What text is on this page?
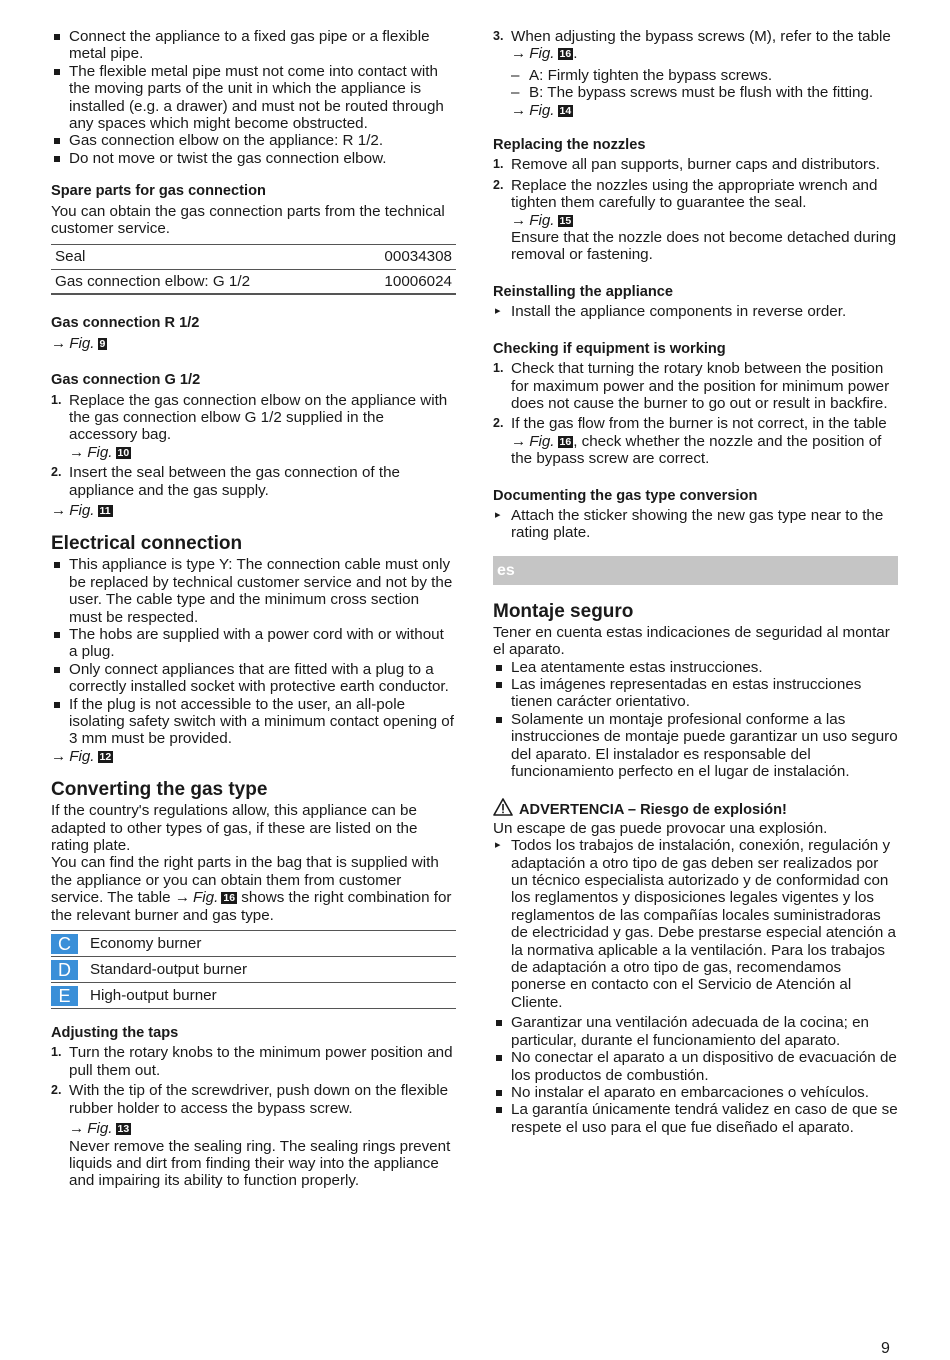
Connect the appliance to a fixed gas pipe or a flexible metal pipe.
The flexible metal pipe must not come into contact with the moving parts of the unit in which the appliance is installed (e.g. a drawer) and must not be routed through any spaces which might become obstructed.
Gas connection elbow on the appliance: R 1/2.
Do not move or twist the gas connection elbow.

Spare parts for gas connection

You can obtain the gas connection parts from the technical customer service.

Seal	00034308
Gas connection elbow: G 1/2	10006024

Gas connection R 1/2

→ Fig. 9

Gas connection G 1/2

1. Replace the gas connection elbow on the appliance with the gas connection elbow G 1/2 supplied in the accessory bag.

→ Fig. 10

2. Insert the seal between the gas connection of the appliance and the gas supply.

→ Fig. 11

Electrical connection

This appliance is type Y: The connection cable must only be replaced by technical customer service and not by the user. The cable type and the minimum cross section must be respected.
The hobs are supplied with a power cord with or without a plug.
Only connect appliances that are fitted with a plug to a correctly installed socket with protective earth conductor.
If the plug is not accessible to the user, an all-pole isolating safety switch with a minimum contact opening of 3 mm must be provided.

→ Fig. 12

Converting the gas type

If the country's regulations allow, this appliance can be adapted to other types of gas, if these are listed on the rating plate.

You can find the right parts in the bag that is supplied with the appliance or you can obtain them from customer service. The table → Fig. 16 shows the right combination for the relevant burner and gas type.

C Economy burner
D Standard-output burner
E High-output burner

Adjusting the taps

1. Turn the rotary knobs to the minimum power position and pull them out.
2. With the tip of the screwdriver, push down on the flexible rubber holder to access the bypass screw.

→ Fig. 13

Never remove the sealing ring. The sealing rings prevent liquids and dirt from finding their way into the appliance and impairing its ability to function properly.

3. When adjusting the bypass screws (M), refer to the table → Fig. 16 .
– A: Firmly tighten the bypass screws.
– B: The bypass screws must be flush with the fitting.

→ Fig. 14

Replacing the nozzles

1. Remove all pan supports, burner caps and distributors.
2. Replace the nozzles using the appropriate wrench and tighten them carefully to guarantee the seal.

→ Fig. 15

Ensure that the nozzle does not become detached during removal or fastening.

Reinstalling the appliance

▸ Install the appliance components in reverse order.

Checking if equipment is working

1. Check that turning the rotary knob between the position for maximum power and the position for minimum power does not cause the burner to go out or result in backfire.
2. If the gas flow from the burner is not correct, in the table → Fig. 16 , check whether the nozzle and the position of the bypass screw are correct.

Documenting the gas type conversion

▸ Attach the sticker showing the new gas type near to the rating plate.
es

Montaje seguro

Tener en cuenta estas indicaciones de seguridad al montar el aparato.

Lea atentamente estas instrucciones.
Las imágenes representadas en estas instrucciones tienen carácter orientativo.
Solamente un montaje profesional conforme a las instrucciones de montaje puede garantizar un uso seguro del aparato. El instalador es responsable del funcionamiento perfecto en el lugar de instalación.

ADVERTENCIA – Riesgo de explosión!

Un escape de gas puede provocar una explosión.

▸ Todos los trabajos de instalación, conexión, regulación y adaptación a otro tipo de gas deben ser realizados por un técnico especialista autorizado y de conformidad con los reglamentos y disposiciones legales vigentes y los reglamentos de las compañías locales suministradoras de electricidad y gas. Debe prestarse especial atención a la normativa aplicable a la ventilación. Para los trabajos de adaptación a otro tipo de gas, recomendamos ponerse en contacto con el Servicio de Atención al Cliente.
Garantizar una ventilación adecuada de la cocina; en particular, durante el funcionamiento del aparato.
No conectar el aparato a un dispositivo de evacuación de los productos de combustión.
No instalar el aparato en embarcaciones o vehículos.
La garantía únicamente tendrá validez en caso de que se respete el uso para el que fue diseñado el aparato.
9
